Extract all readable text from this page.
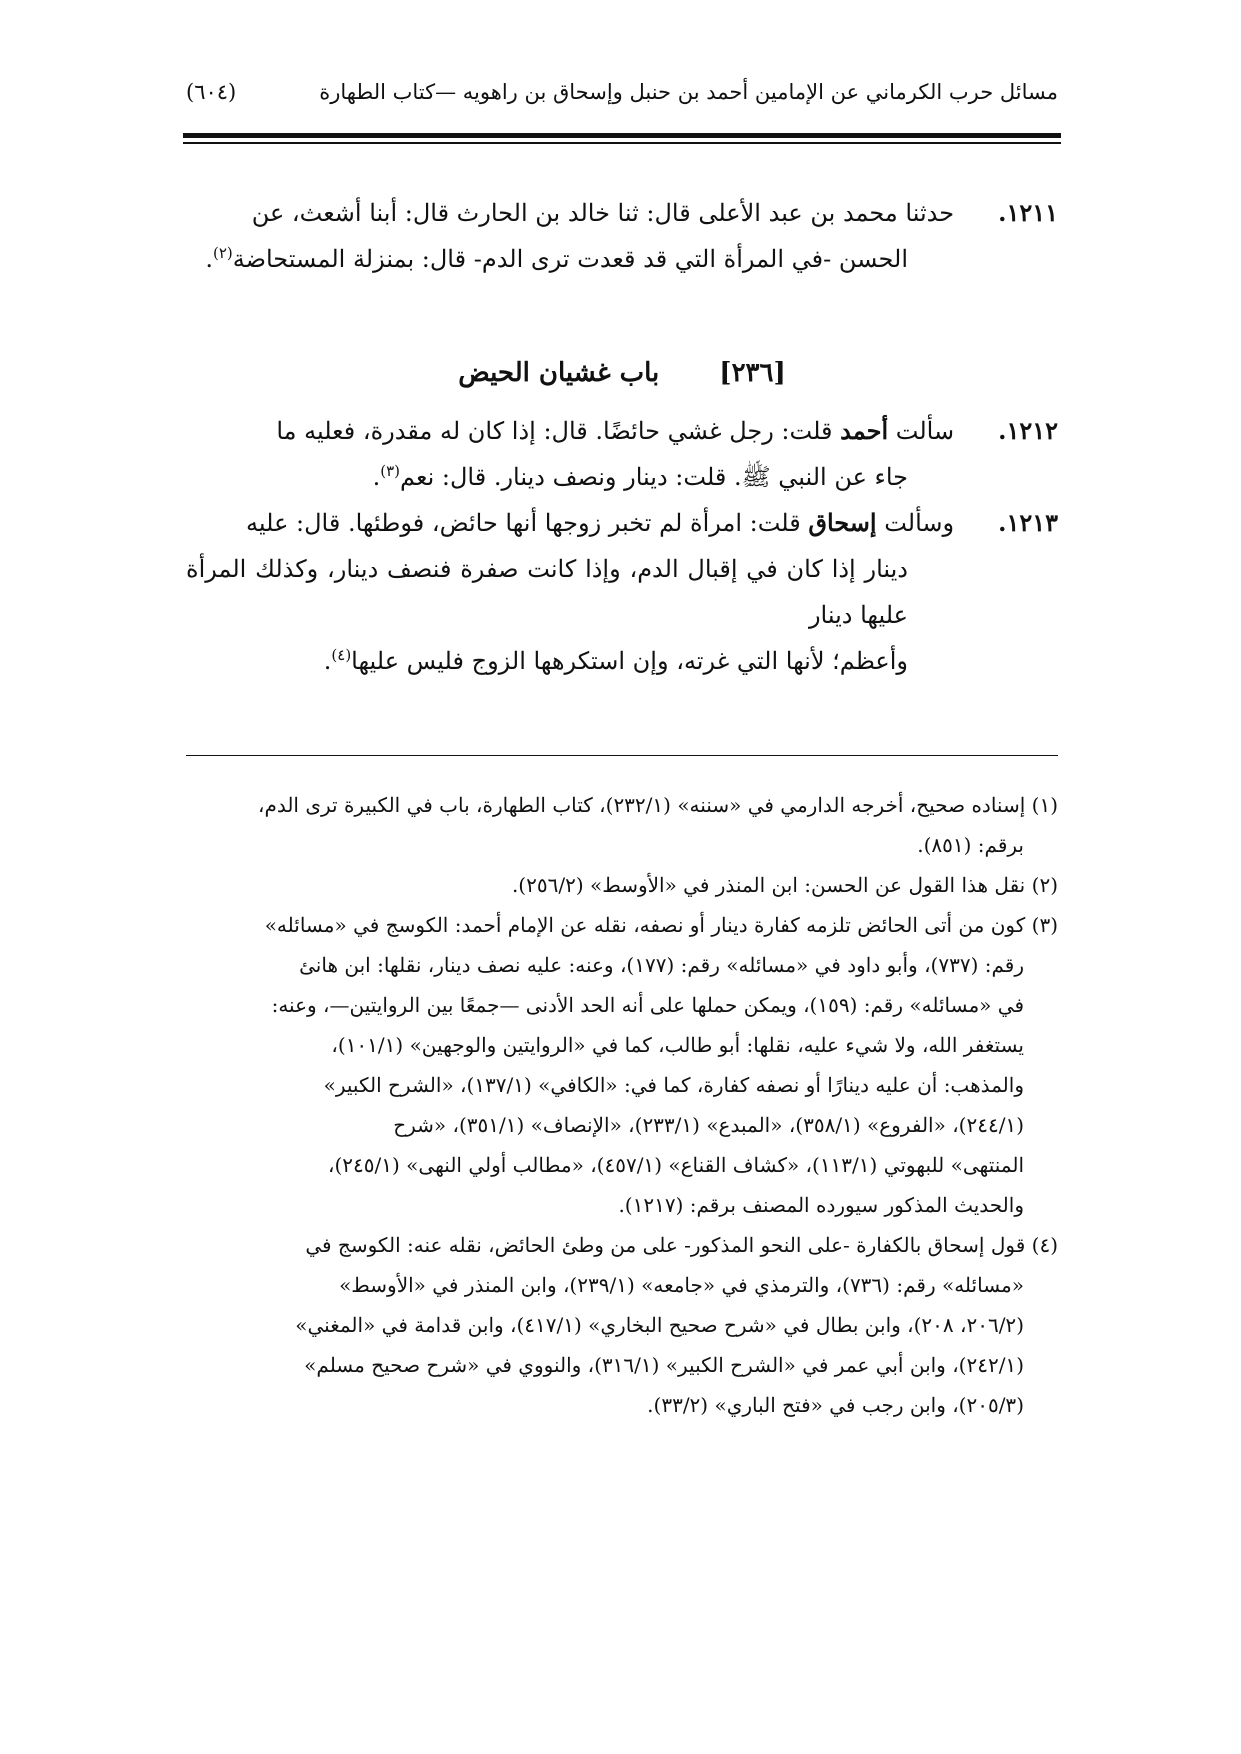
مسائل حرب الكرماني عن الإمامين أحمد بن حنبل وإسحاق بن راهويه —كتاب الطهارة
(٦٠٤)

١٢١١.حدثنا محمد بن عبد الأعلى قال: ثنا خالد بن الحارث قال: أبنا أشعث، عن
الحسن -في المرأة التي قد قعدت ترى الدم- قال: بمنزلة المستحاضة$^{(٢)}$.

[٢٣٦]باب غشيان الحيض

١٢١٢.سألت أحمد قلت: رجل غشي حائضًا. قال: إذا كان له مقدرة، فعليه ما
جاء عن النبي ﷺ. قلت: دينار ونصف دينار. قال: نعم$^{(٣)}$.

١٢١٣.وسألت إسحاق قلت: امرأة لم تخبر زوجها أنها حائض، فوطئها. قال: عليه
دينار إذا كان في إقبال الدم، وإذا كانت صفرة فنصف دينار، وكذلك المرأة عليها دينار
وأعظم؛ لأنها التي غرته، وإن استكرهها الزوج فليس عليها$^{(٤)}$.

(١) إسناده صحيح، أخرجه الدارمي في «سننه» (٢٣٢/١)، كتاب الطهارة، باب في الكبيرة ترى الدم،
برقم: (٨٥١).

(٢) نقل هذا القول عن الحسن: ابن المنذر في «الأوسط» (٢٥٦/٢).

(٣) كون من أتى الحائض تلزمه كفارة دينار أو نصفه، نقله عن الإمام أحمد: الكوسج في «مسائله»
رقم: (٧٣٧)، وأبو داود في «مسائله» رقم: (١٧٧)، وعنه: عليه نصف دينار، نقلها: ابن هانئ
في «مسائله» رقم: (١٥٩)، ويمكن حملها على أنه الحد الأدنى —جمعًا بين الروايتين—، وعنه:
يستغفر الله، ولا شيء عليه، نقلها: أبو طالب، كما في «الروايتين والوجهين» (١٠١/١)،
والمذهب: أن عليه دينارًا أو نصفه كفارة، كما في: «الكافي» (١٣٧/١)، «الشرح الكبير»
(٢٤٤/١)، «الفروع» (٣٥٨/١)، «المبدع» (٢٣٣/١)، «الإنصاف» (٣٥١/١)، «شرح
المنتهى» للبهوتي (١١٣/١)، «كشاف القناع» (٤٥٧/١)، «مطالب أولي النهى» (٢٤٥/١)،
والحديث المذكور سيورده المصنف برقم: (١٢١٧).

(٤) قول إسحاق بالكفارة -على النحو المذكور- على من وطئ الحائض، نقله عنه: الكوسج في
«مسائله» رقم: (٧٣٦)، والترمذي في «جامعه» (٢٣٩/١)، وابن المنذر في «الأوسط»
(٢٠٦/٢، ٢٠٨)، وابن بطال في «شرح صحيح البخاري» (٤١٧/١)، وابن قدامة في «المغني»
(٢٤٢/١)، وابن أبي عمر في «الشرح الكبير» (٣١٦/١)، والنووي في «شرح صحيح مسلم»
(٢٠٥/٣)، وابن رجب في «فتح الباري» (٣٣/٢).
